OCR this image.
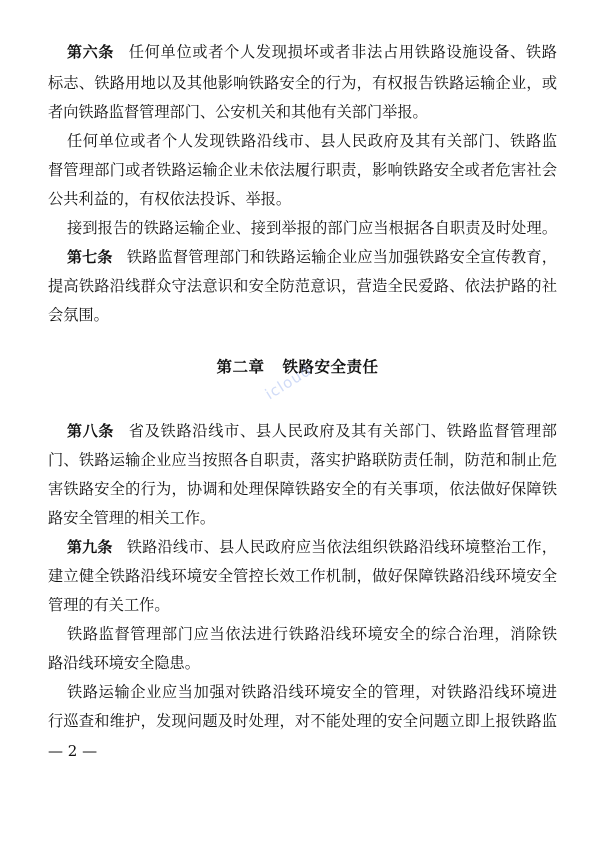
第六条 任何单位或者个人发现损坏或者非法占用铁路设施设备、铁路
标志、铁路用地以及其他影响铁路安全的行为，有权报告铁路运输企业，或
者向铁路监督管理部门、公安机关和其他有关部门举报。
任何单位或者个人发现铁路沿线市、县人民政府及其有关部门、铁路监
督管理部门或者铁路运输企业未依法履行职责，影响铁路安全或者危害社会
公共利益的，有权依法投诉、举报。
接到报告的铁路运输企业、接到举报的部门应当根据各自职责及时处理。
第七条 铁路监督管理部门和铁路运输企业应当加强铁路安全宣传教育，
提高铁路沿线群众守法意识和安全防范意识，营造全民爱路、依法护路的社
会氛围。
第二章 铁路安全责任
icloud
第八条 省及铁路沿线市、县人民政府及其有关部门、铁路监督管理部
门、铁路运输企业应当按照各自职责，落实护路联防责任制，防范和制止危
害铁路安全的行为，协调和处理保障铁路安全的有关事项，依法做好保障铁
路安全管理的相关工作。
第九条 铁路沿线市、县人民政府应当依法组织铁路沿线环境整治工作，
建立健全铁路沿线环境安全管控长效工作机制，做好保障铁路沿线环境安全
管理的有关工作。
铁路监督管理部门应当依法进行铁路沿线环境安全的综合治理，消除铁
路沿线环境安全隐患。
铁路运输企业应当加强对铁路沿线环境安全的管理，对铁路沿线环境进
行巡查和维护，发现问题及时处理，对不能处理的安全问题立即上报铁路监
— 2 —
